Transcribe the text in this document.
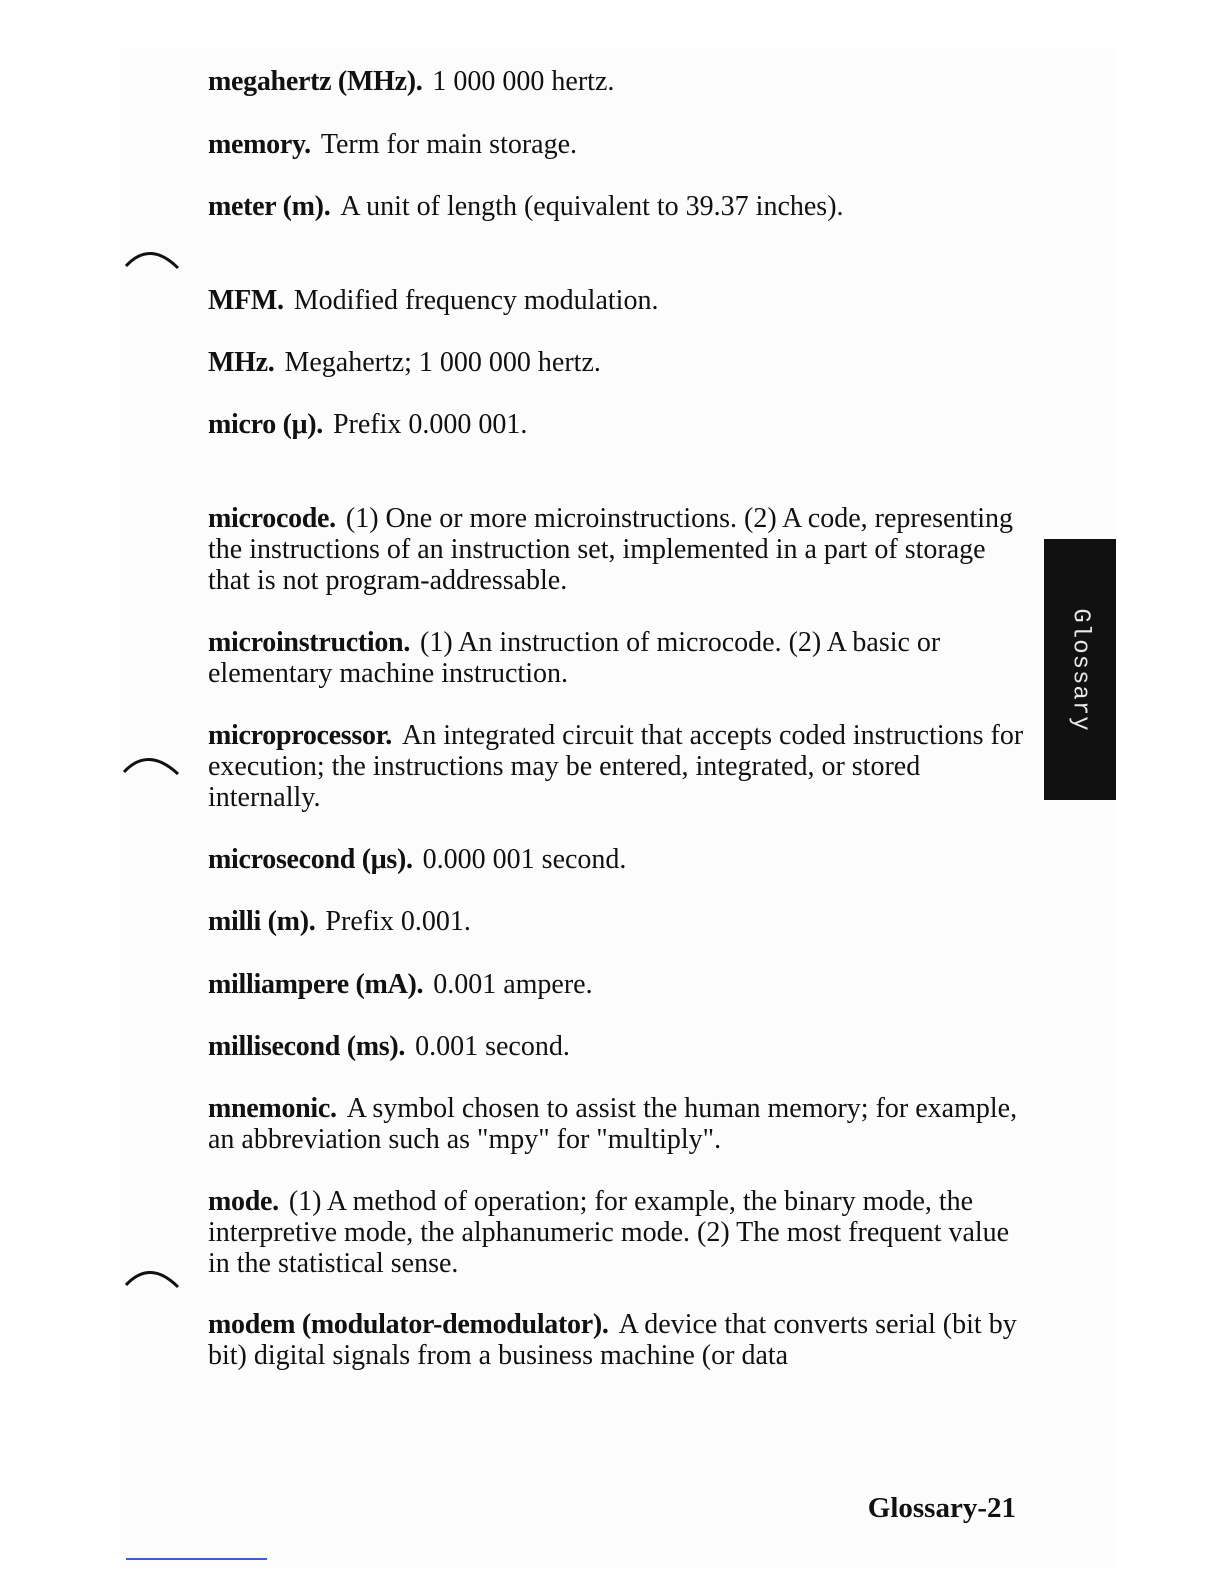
megahertz (MHz). 1 000 000 hertz.

memory. Term for main storage.

meter (m). A unit of length (equivalent to 39.37 inches).

MFM. Modified frequency modulation.

MHz. Megahertz; 1 000 000 hertz.

micro (μ). Prefix 0.000 001.

microcode. (1) One or more microinstructions. (2) A code, representing the instructions of an instruction set, implemented in a part of storage that is not program-addressable.

microinstruction. (1) An instruction of microcode. (2) A basic or elementary machine instruction.

microprocessor. An integrated circuit that accepts coded instructions for execution; the instructions may be entered, integrated, or stored internally.

microsecond (μs). 0.000 001 second.

milli (m). Prefix 0.001.

milliampere (mA). 0.001 ampere.

millisecond (ms). 0.001 second.

mnemonic. A symbol chosen to assist the human memory; for example, an abbreviation such as "mpy" for "multiply".

mode. (1) A method of operation; for example, the binary mode, the interpretive mode, the alphanumeric mode. (2) The most frequent value in the statistical sense.

modem (modulator-demodulator). A device that converts serial (bit by bit) digital signals from a business machine (or data

Glossary
Glossary-21
